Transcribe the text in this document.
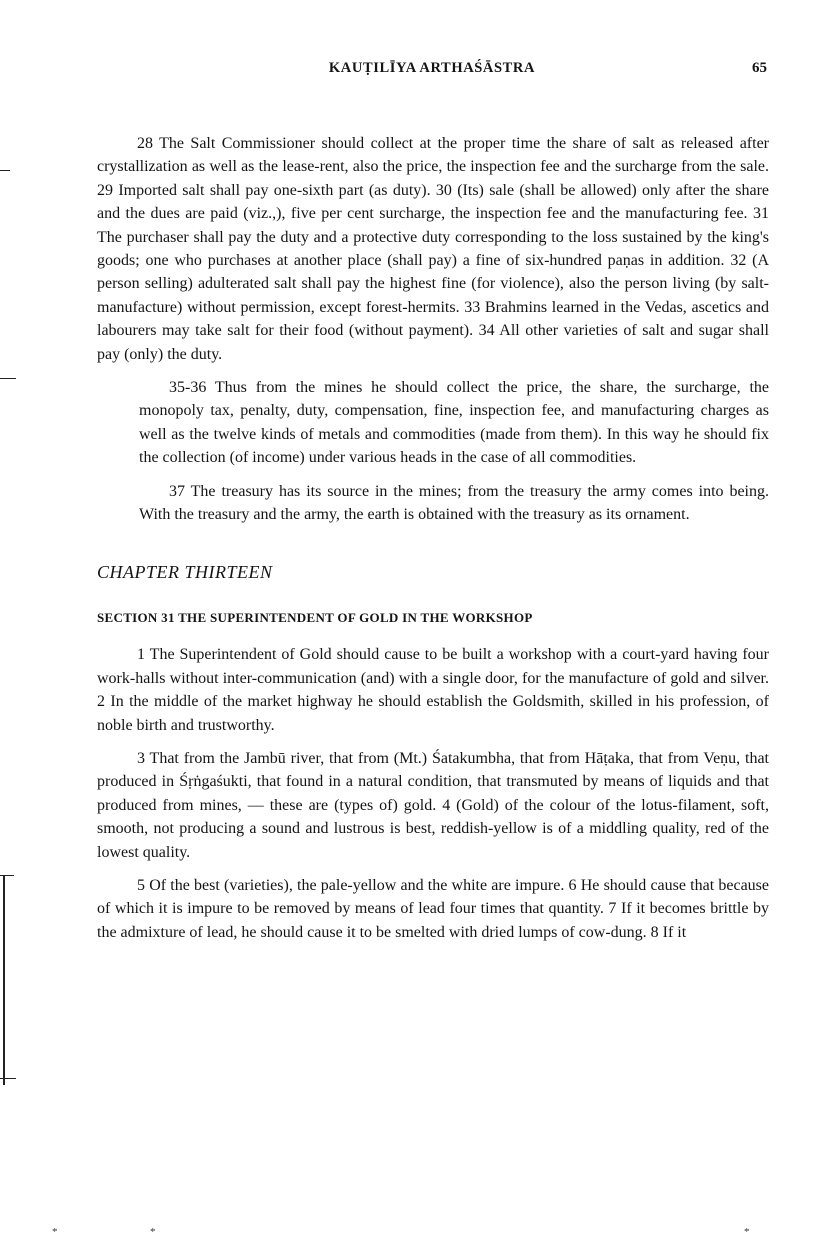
KAUṬILĪYA ARTHAŚĀSTRA	65

28 The Salt Commissioner should collect at the proper time the share of salt as released after crystallization as well as the lease-rent, also the price, the inspection fee and the surcharge from the sale. 29 Imported salt shall pay one-sixth part (as duty). 30 (Its) sale (shall be allowed) only after the share and the dues are paid (viz.,), five per cent surcharge, the inspection fee and the manufacturing fee. 31 The purchaser shall pay the duty and a protective duty corresponding to the loss sustained by the king's goods; one who purchases at another place (shall pay) a fine of six-hundred paṇas in addition. 32 (A person selling) adulterated salt shall pay the highest fine (for violence), also the person living (by salt-manufacture) without permission, except forest-hermits. 33 Brahmins learned in the Vedas, ascetics and labourers may take salt for their food (without payment). 34 All other varieties of salt and sugar shall pay (only) the duty.

35-36 Thus from the mines he should collect the price, the share, the surcharge, the monopoly tax, penalty, duty, compensation, fine, inspection fee, and manufacturing charges as well as the twelve kinds of metals and commodities (made from them). In this way he should fix the collection (of income) under various heads in the case of all commodities.

37 The treasury has its source in the mines; from the treasury the army comes into being. With the treasury and the army, the earth is obtained with the treasury as its ornament.

CHAPTER THIRTEEN
SECTION 31 THE SUPERINTENDENT OF GOLD IN THE WORKSHOP

1 The Superintendent of Gold should cause to be built a workshop with a court-yard having four work-halls without inter-communication (and) with a single door, for the manufacture of gold and silver. 2 In the middle of the market highway he should establish the Goldsmith, skilled in his profession, of noble birth and trustworthy.

3 That from the Jambū river, that from (Mt.) Śatakumbha, that from Hāṭaka, that from Veṇu, that produced in Śṛṅgaśukti, that found in a natural condition, that transmuted by means of liquids and that produced from mines, — these are (types of) gold. 4 (Gold) of the colour of the lotus-filament, soft, smooth, not producing a sound and lustrous is best, reddish-yellow is of a middling quality, red of the lowest quality.

5 Of the best (varieties), the pale-yellow and the white are impure. 6 He should cause that because of which it is impure to be removed by means of lead four times that quantity. 7 If it becomes brittle by the admixture of lead, he should cause it to be smelted with dried lumps of cow-dung. 8 If it

*	*	*
